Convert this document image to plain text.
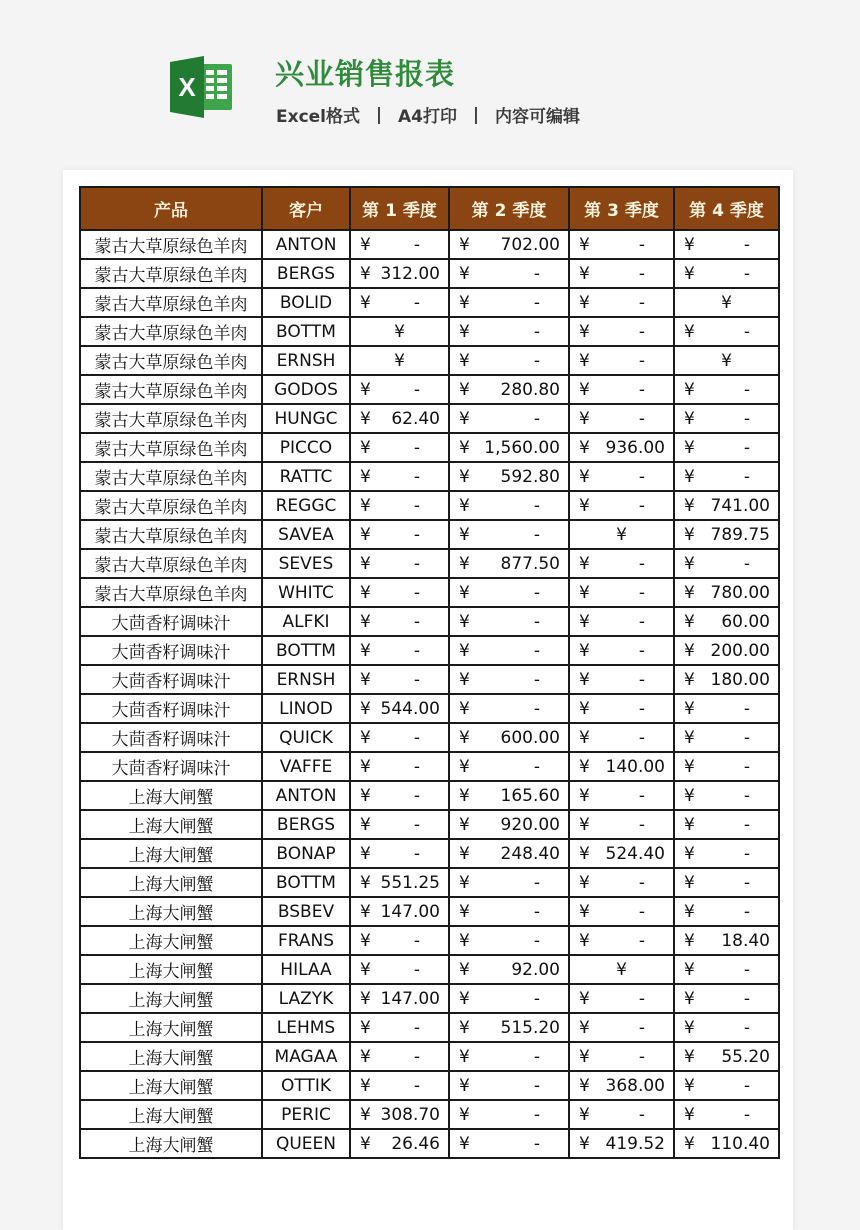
X	兴业销售报表
Excel格式 | A4打印 | 内容可编辑
产品	客户	第 1 季度	第 2 季度	第 3 季度	第 4 季度
蒙古大草原绿色羊肉	ANTON	¥ -	¥ 702.00	¥ -	¥ -

蒙古大草原绿色羊肉	BERGS	¥ 312.00	¥ -	¥ -	¥ -

蒙古大草原绿色羊肉	BOLID	¥ -	¥ -	¥ -	¥

蒙古大草原绿色羊肉	BOTTM	¥	¥ -	¥ -	¥ -

蒙古大草原绿色羊肉	ERNSH	¥	¥ -	¥ -	¥

蒙古大草原绿色羊肉	GODOS	¥ -	¥ 280.80	¥ -	¥ -

蒙古大草原绿色羊肉	HUNGC	¥ 62.40	¥ -	¥ -	¥ -

蒙古大草原绿色羊肉	PICCO	¥ -	¥ 1,560.00	¥ 936.00	¥ -

蒙古大草原绿色羊肉	RATTC	¥ -	¥ 592.80	¥ -	¥ -

蒙古大草原绿色羊肉	REGGC	¥ -	¥ -	¥ -	¥ 741.00

蒙古大草原绿色羊肉	SAVEA	¥ -	¥ -	¥	¥ 789.75

蒙古大草原绿色羊肉	SEVES	¥ -	¥ 877.50	¥ -	¥ -

蒙古大草原绿色羊肉	WHITC	¥ -	¥ -	¥ -	¥ 780.00

大茴香籽调味汁	ALFKI	¥ -	¥ -	¥ -	¥ 60.00

大茴香籽调味汁	BOTTM	¥ -	¥ -	¥ -	¥ 200.00

大茴香籽调味汁	ERNSH	¥ -	¥ -	¥ -	¥ 180.00

大茴香籽调味汁	LINOD	¥ 544.00	¥ -	¥ -	¥ -

大茴香籽调味汁	QUICK	¥ -	¥ 600.00	¥ -	¥ -

大茴香籽调味汁	VAFFE	¥ -	¥ -	¥ 140.00	¥ -

上海大闸蟹	ANTON	¥ -	¥ 165.60	¥ -	¥ -

上海大闸蟹	BERGS	¥ -	¥ 920.00	¥ -	¥ -

上海大闸蟹	BONAP	¥ -	¥ 248.40	¥ 524.40	¥ -

上海大闸蟹	BOTTM	¥ 551.25	¥ -	¥ -	¥ -

上海大闸蟹	BSBEV	¥ 147.00	¥ -	¥ -	¥ -

上海大闸蟹	FRANS	¥ -	¥ -	¥ -	¥ 18.40

上海大闸蟹	HILAA	¥ -	¥ 92.00	¥	¥ -

上海大闸蟹	LAZYK	¥ 147.00	¥ -	¥ -	¥ -

上海大闸蟹	LEHMS	¥ -	¥ 515.20	¥ -	¥ -

上海大闸蟹	MAGAA	¥ -	¥ -	¥ -	¥ 55.20

上海大闸蟹	OTTIK	¥ -	¥ -	¥ 368.00	¥ -

上海大闸蟹	PERIC	¥ 308.70	¥ -	¥ -	¥ -

上海大闸蟹	QUEEN	¥ 26.46	¥ -	¥ 419.52	¥ 110.40
